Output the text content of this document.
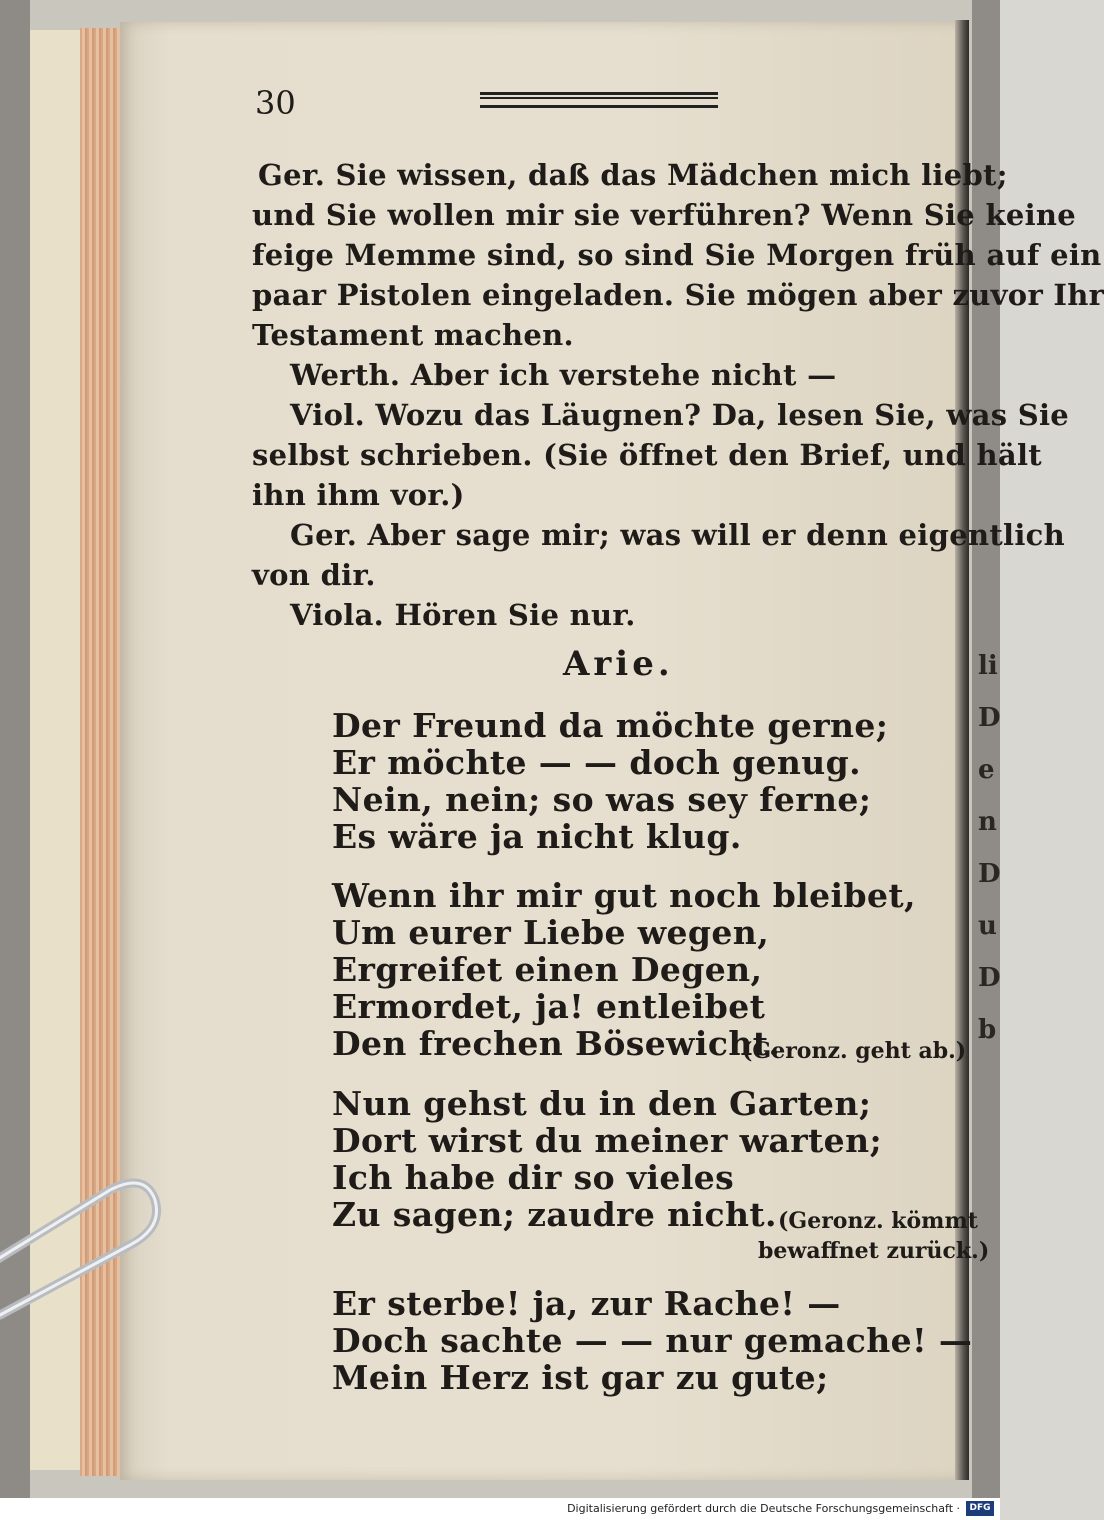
li
D
e
n
D
u
D
b
30
Ger. Sie wissen, daß das Mädchen mich liebt;
und Sie wollen mir sie verführen? Wenn Sie keine
feige Memme sind, so sind Sie Morgen früh auf ein
paar Pistolen eingeladen. Sie mögen aber zuvor Ihr
Testament machen.
Werth. Aber ich verstehe nicht —
Viol. Wozu das Läugnen? Da, lesen Sie, was Sie
selbst schrieben. (Sie öffnet den Brief, und hält
ihn ihm vor.)
Ger. Aber sage mir; was will er denn eigentlich
von dir.
Viola. Hören Sie nur.
Arie.
Der Freund da möchte gerne;
Er möchte — — doch genug.
Nein, nein; so was sey ferne;
Es wäre ja nicht klug.
Wenn ihr mir gut noch bleibet,
Um eurer Liebe wegen,
Ergreifet einen Degen,
Ermordet, ja! entleibet
Den frechen Bösewicht.
(Geronz. geht ab.)
Nun gehst du in den Garten;
Dort wirst du meiner warten;
Ich habe dir so vieles
Zu sagen; zaudre nicht. (Geronz. kömmt
bewaffnet zurück.)
Er sterbe! ja, zur Rache! —
Doch sachte — — nur gemache! —
Mein Herz ist gar zu gute;
Digitalisierung gefördert durch die Deutsche Forschungsgemeinschaft ·	DFG
